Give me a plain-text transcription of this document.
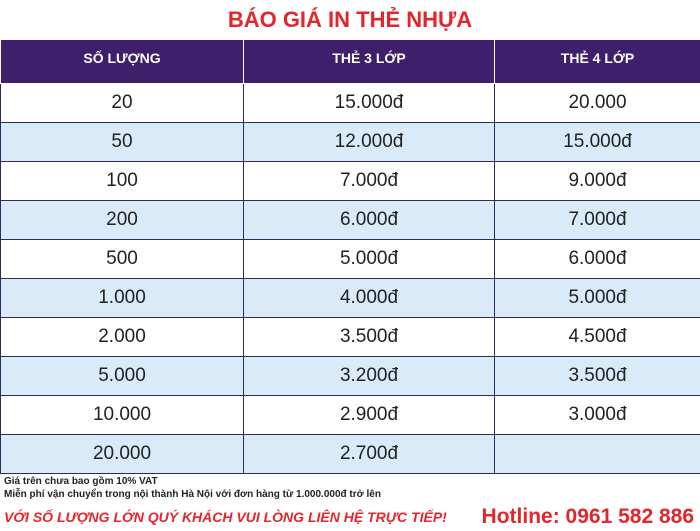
BÁO GIÁ IN THẺ NHỰA
SỐ LƯỢNG	THẺ 3 LỚP	THẺ 4 LỚP
20	15.000đ	20.000
50	12.000đ	15.000đ
100	7.000đ	9.000đ
200	6.000đ	7.000đ
500	5.000đ	6.000đ
1.000	4.000đ	5.000đ
2.000	3.500đ	4.500đ
5.000	3.200đ	3.500đ
10.000	2.900đ	3.000đ
20.000	2.700đ	
Giá trên chưa bao gồm 10% VAT
Miễn phí vận chuyển trong nội thành Hà Nội với đơn hàng từ 1.000.000đ trở lên
VỚI SỐ LƯỢNG LỚN QUÝ KHÁCH VUI LÒNG LIÊN HỆ TRỰC TIẾP! Hotline: 0961 582 886
